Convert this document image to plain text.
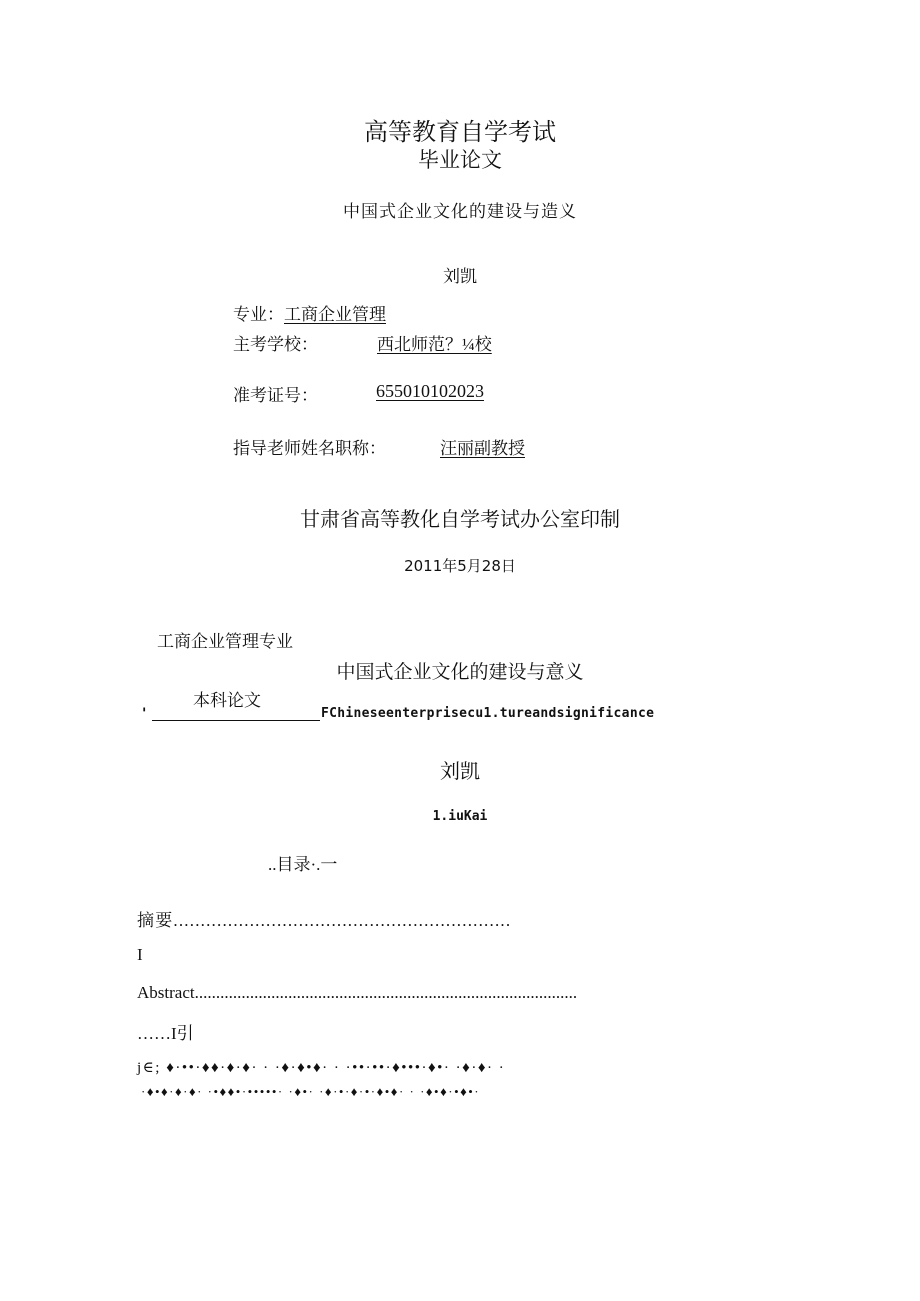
高等教育自学考试
毕业论文
中国式企业文化的建设与造义
刘凯
专业：工商企业管理
主考学校：	西北师范？¼校
准考证号：	655010102023
指导老师姓名职称：	汪丽副教授
甘肃省高等教化自学考试办公室印制
2011年5月28日
工商企业管理专业
中国式企业文化的建设与意义
本科论文
'	FChineseenterprisecu1.tureandsignificance
刘凯
1.iuKai
..目录·.一
摘要..............................................................
I
Abstract..........................................................................................
……I引
j∈; ♦·••·♦♦·♦·♦· · ·♦·♦•♦· · ·••·••·♦•••·♦•· ·♦·♦· ·
·♦•♦·♦·♦· ·•♦♦•·•••••· ·♦•· ·♦·•·♦·•·♦•♦· · ·♦•♦·•♦•·
